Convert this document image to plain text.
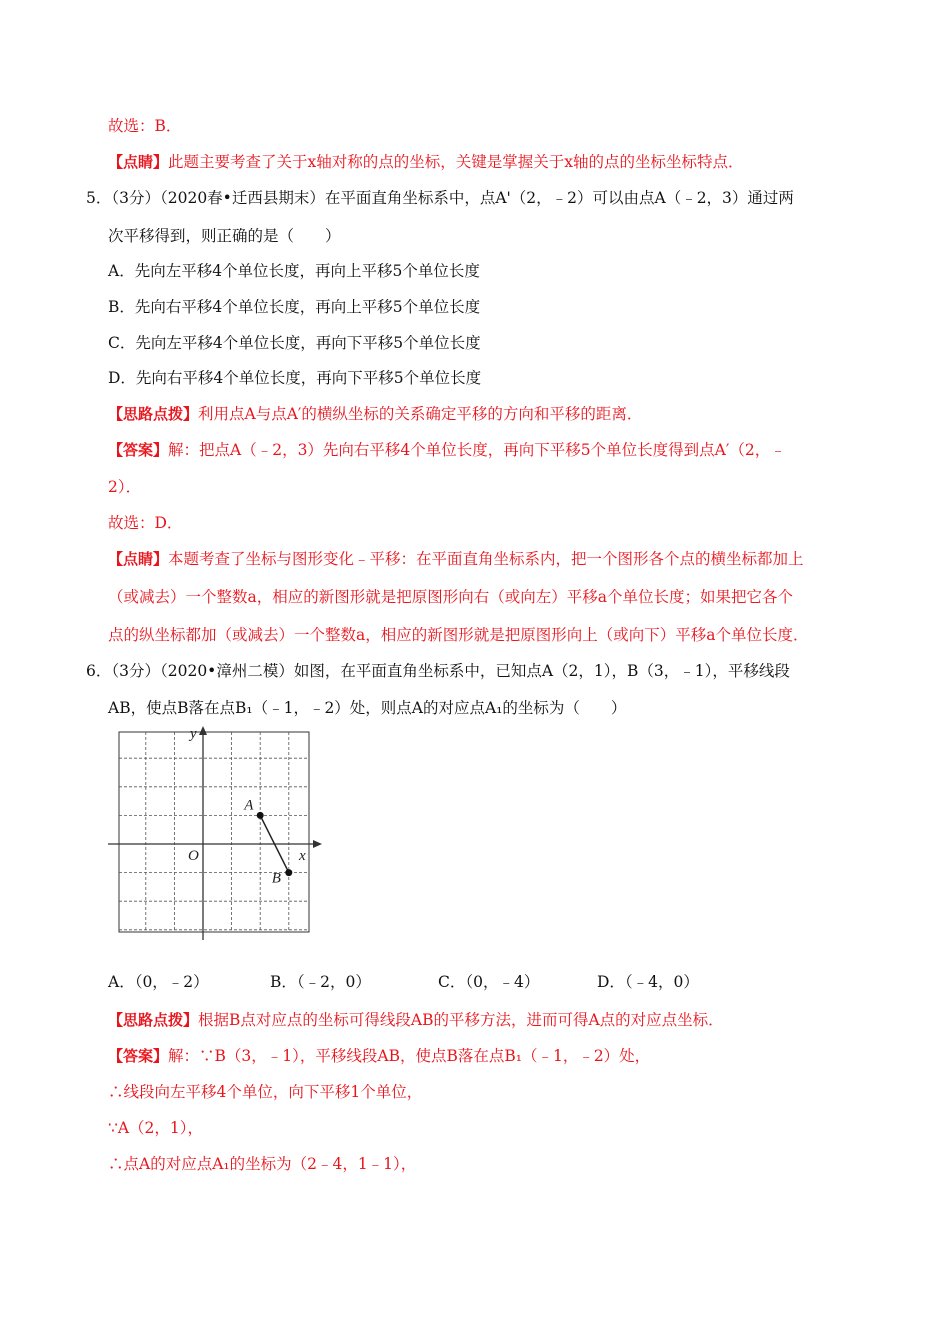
故选：B．
【点睛】此题主要考查了关于x轴对称的点的坐标，关键是掌握关于x轴的点的坐标坐标特点．
5．（3分）（2020春•迁西县期末）在平面直角坐标系中，点A'（2，﹣2）可以由点A（﹣2，3）通过两
次平移得到，则正确的是（　　）
A．先向左平移4个单位长度，再向上平移5个单位长度
B．先向右平移4个单位长度，再向上平移5个单位长度
C．先向左平移4个单位长度，再向下平移5个单位长度
D．先向右平移4个单位长度，再向下平移5个单位长度
【思路点拨】利用点A与点A′的横纵坐标的关系确定平移的方向和平移的距离．
【答案】解：把点A（﹣2，3）先向右平移4个单位长度，再向下平移5个单位长度得到点A′（2，﹣
2）．
故选：D．
【点睛】本题考查了坐标与图形变化﹣平移：在平面直角坐标系内，把一个图形各个点的横坐标都加上
（或减去）一个整数a，相应的新图形就是把原图形向右（或向左）平移a个单位长度；如果把它各个
点的纵坐标都加（或减去）一个整数a，相应的新图形就是把原图形向上（或向下）平移a个单位长度．
6．（3分）（2020•漳州二模）如图，在平面直角坐标系中，已知点A（2，1），B（3，﹣1），平移线段
AB，使点B落在点B₁（﹣1，﹣2）处，则点A的对应点A₁的坐标为（　　）
y
x
O
A
B
A．（0，﹣2）	B．（﹣2，0）	C．（0，﹣4）	D．（﹣4，0）
【思路点拨】根据B点对应点的坐标可得线段AB的平移方法，进而可得A点的对应点坐标．
【答案】解：∵B（3，﹣1），平移线段AB，使点B落在点B₁（﹣1，﹣2）处，
∴线段向左平移4个单位，向下平移1个单位，
∵A（2，1），
∴点A的对应点A₁的坐标为（2﹣4，1﹣1），
